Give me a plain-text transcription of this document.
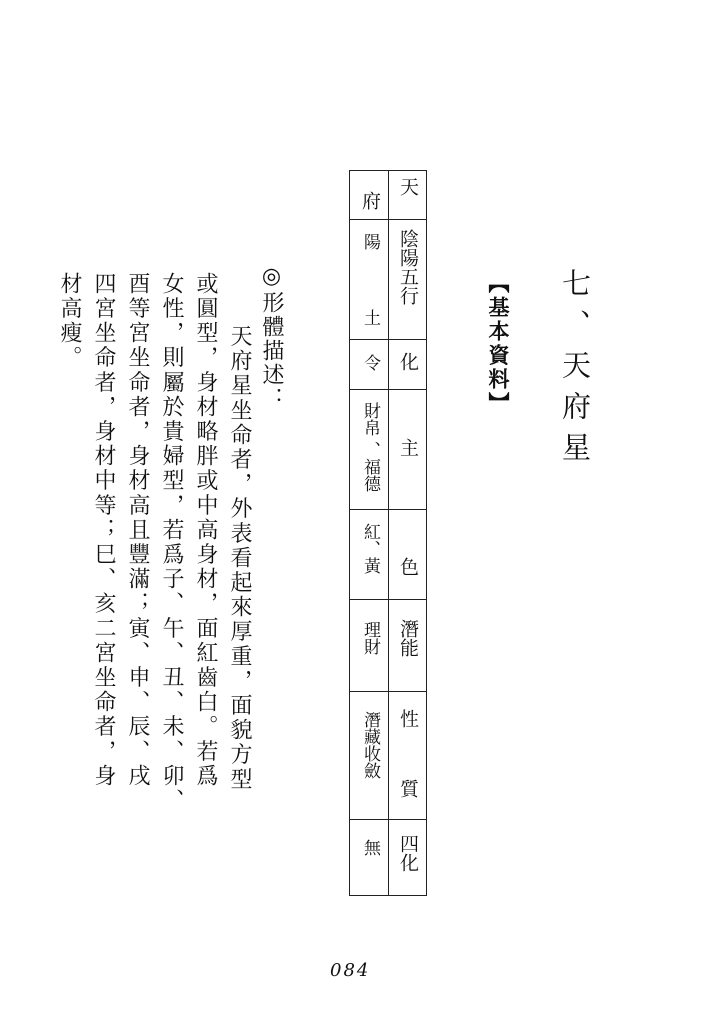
七、天府星
【基本資料】
天
府
陰陽五行
陽
土
化
令
主
財帛
、福德
色
紅、黃
潛能
理財
性
質
潛藏收斂
四化
無
◎形體描述：
　天府星坐命者，外表看起來厚重，面貌方型
或圓型，身材略胖或中高身材，面紅齒白。若爲
女性，則屬於貴婦型，若爲子、午、丑、未、卯、
酉等宮坐命者，身材高且豐滿；寅、申、辰、戌
四宮坐命者，身材中等；巳、亥二宮坐命者，身
材高瘦。
084
